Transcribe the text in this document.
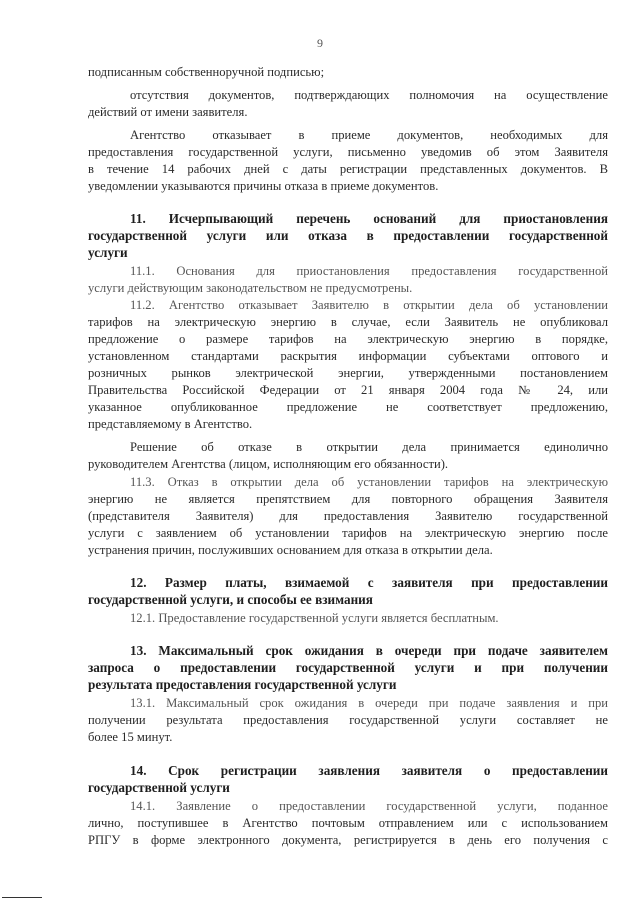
9
подписанным собственноручной подписью;
отсутствия документов, подтверждающих полномочия на осуществление
действий от имени заявителя.
Агентство отказывает в приеме документов, необходимых для
предоставления государственной услуги, письменно уведомив об этом Заявителя
в течение 14 рабочих дней с даты регистрации представленных документов. В
уведомлении указываются причины отказа в приеме документов.
11. Исчерпывающий перечень оснований для приостановления
государственной услуги или отказа в предоставлении государственной
услуги
11.1. Основания для приостановления предоставления государственной
услуги действующим законодательством не предусмотрены.
11.2. Агентство отказывает Заявителю в открытии дела об установлении
тарифов на электрическую энергию в случае, если Заявитель не опубликовал
предложение о размере тарифов на электрическую энергию в порядке,
установленном стандартами раскрытия информации субъектами оптового и
розничных рынков электрической энергии, утвержденными постановлением
Правительства Российской Федерации от 21 января 2004 года № 24, или
указанное опубликованное предложение не соответствует предложению,
представляемому в Агентство.
Решение об отказе в открытии дела принимается единолично
руководителем Агентства (лицом, исполняющим его обязанности).
11.3. Отказ в открытии дела об установлении тарифов на электрическую
энергию не является препятствием для повторного обращения Заявителя
(представителя Заявителя) для предоставления Заявителю государственной
услуги с заявлением об установлении тарифов на электрическую энергию после
устранения причин, послуживших основанием для отказа в открытии дела.
12. Размер платы, взимаемой с заявителя при предоставлении
государственной услуги, и способы ее взимания
12.1. Предоставление государственной услуги является бесплатным.
13. Максимальный срок ожидания в очереди при подаче заявителем
запроса о предоставлении государственной услуги и при получении
результата предоставления государственной услуги
13.1. Максимальный срок ожидания в очереди при подаче заявления и при
получении результата предоставления государственной услуги составляет не
более 15 минут.
14. Срок регистрации заявления заявителя о предоставлении
государственной услуги
14.1. Заявление о предоставлении государственной услуги, поданное
лично, поступившее в Агентство почтовым отправлением или с использованием
РПГУ в форме электронного документа, регистрируется в день его получения с
